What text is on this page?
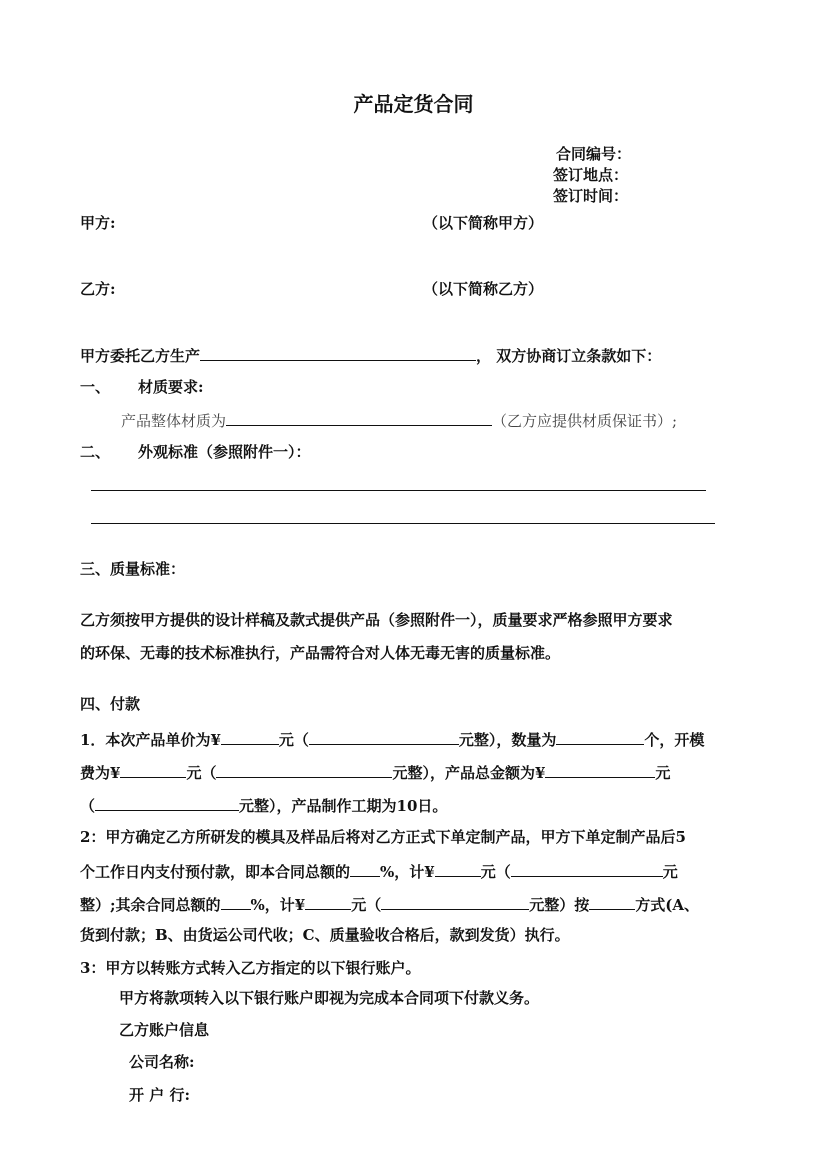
产品定货合同
合同编号：
签订地点：
签订时间：
甲方:	（以下简称甲方）
乙方:	（以下简称乙方）
甲方委托乙方生产	， 双方协商订立条款如下：
一、 材质要求:
产品整体材质为	（乙方应提供材质保证书）;
二、 外观标准（参照附件一）：
三、质量标准：
乙方须按甲方提供的设计样稿及款式提供产品（参照附件一），质量要求严格参照甲方要求
的环保、无毒的技术标准执行，产品需符合对人体无毒无害的质量标准。
四、付款
1．本次产品单价为¥	元（	元整），数量为	个，开模
费为¥	元（	元整），产品总金额为¥	元
（	元整），产品制作工期为10日。
2：甲方确定乙方所研发的模具及样品后将对乙方正式下单定制产品，甲方下单定制产品后5
个工作日内支付预付款，即本合同总额的 %，计¥	元（	元
整）;其余合同总额的 %，计¥	元（	元整）按	方式(A、
货到付款；B、由货运公司代收；C、质量验收合格后，款到发货）执行。
3：甲方以转账方式转入乙方指定的以下银行账户。
甲方将款项转入以下银行账户即视为完成本合同项下付款义务。
乙方账户信息
公司名称:
开 户 行:
